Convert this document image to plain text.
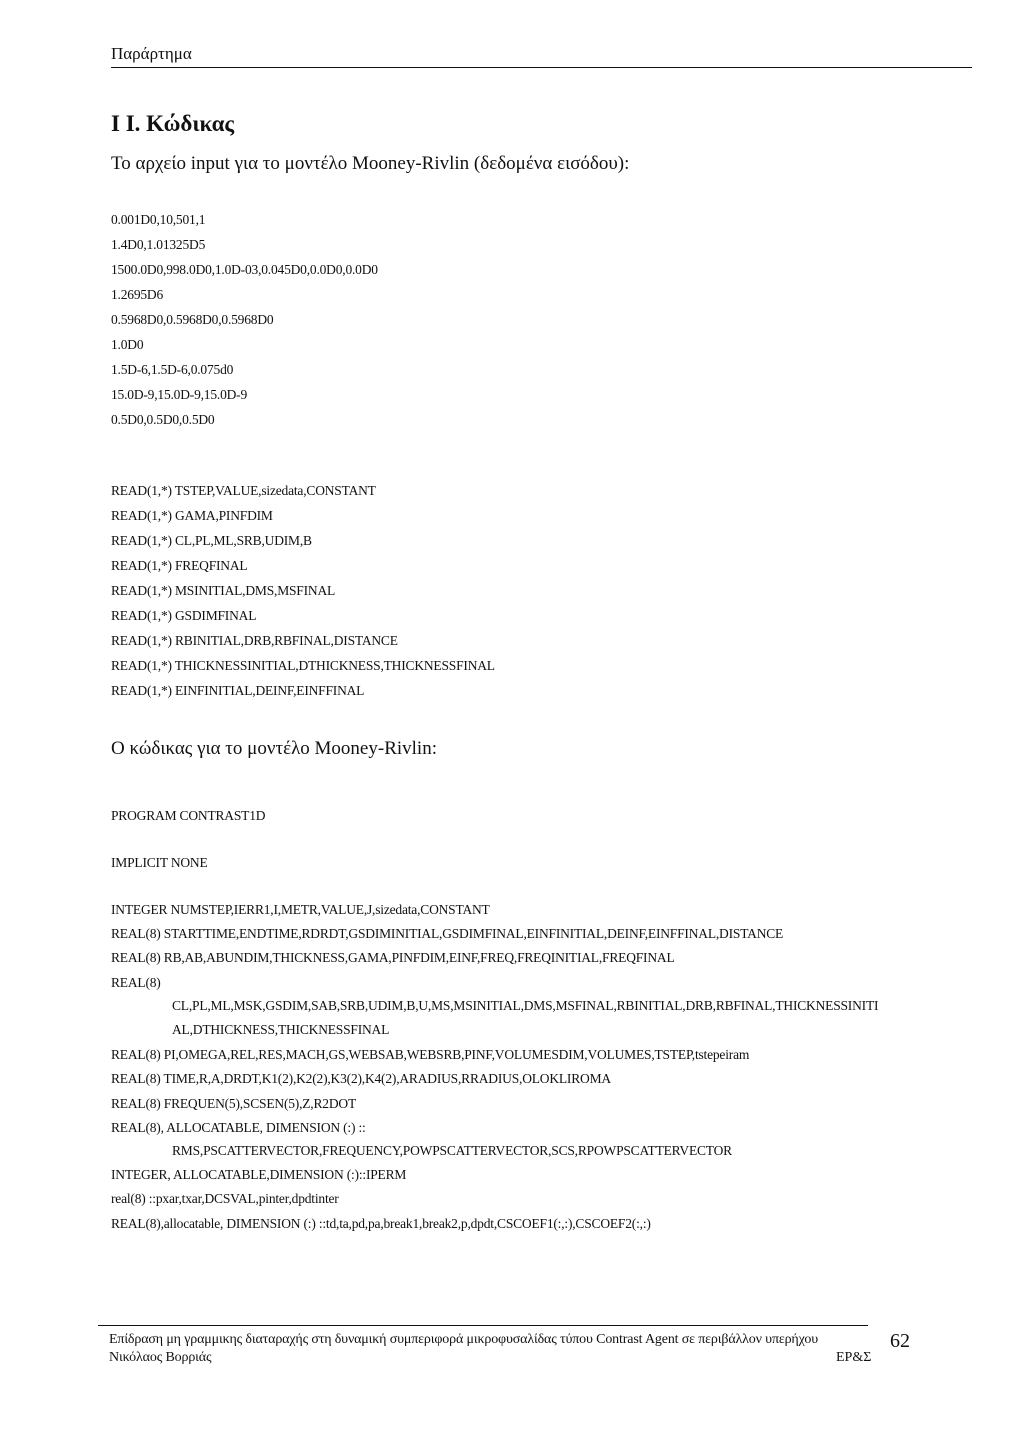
Παράρτημα
I I. Κώδικας
Το αρχείο input για το μοντέλο Mooney-Rivlin (δεδομένα εισόδου):
0.001D0,10,501,1
1.4D0,1.01325D5
1500.0D0,998.0D0,1.0D-03,0.045D0,0.0D0,0.0D0
1.2695D6
0.5968D0,0.5968D0,0.5968D0
1.0D0
1.5D-6,1.5D-6,0.075d0
15.0D-9,15.0D-9,15.0D-9
0.5D0,0.5D0,0.5D0
READ(1,*) TSTEP,VALUE,sizedata,CONSTANT
READ(1,*) GAMA,PINFDIM
READ(1,*) CL,PL,ML,SRB,UDIM,B
READ(1,*) FREQFINAL
READ(1,*) MSINITIAL,DMS,MSFINAL
READ(1,*) GSDIMFINAL
READ(1,*) RBINITIAL,DRB,RBFINAL,DISTANCE
READ(1,*) THICKNESSINITIAL,DTHICKNESS,THICKNESSFINAL
READ(1,*) EINFINITIAL,DEINF,EINFFINAL
Ο κώδικας για το μοντέλο Mooney-Rivlin:
PROGRAM CONTRAST1D
IMPLICIT NONE
INTEGER NUMSTEP,IERR1,I,METR,VALUE,J,sizedata,CONSTANT
REAL(8) STARTTIME,ENDTIME,RDRDT,GSDIMINITIAL,GSDIMFINAL,EINFINITIAL,DEINF,EINFFINAL,DISTANCE
REAL(8) RB,AB,ABUNDIM,THICKNESS,GAMA,PINFDIM,EINF,FREQ,FREQINITIAL,FREQFINAL
REAL(8)
CL,PL,ML,MSK,GSDIM,SAB,SRB,UDIM,B,U,MS,MSINITIAL,DMS,MSFINAL,RBINITIAL,DRB,RBFINAL,THICKNESSINITI
AL,DTHICKNESS,THICKNESSFINAL
REAL(8) PI,OMEGA,REL,RES,MACH,GS,WEBSAB,WEBSRB,PINF,VOLUMESDIM,VOLUMES,TSTEP,tstepeiram
REAL(8) TIME,R,A,DRDT,K1(2),K2(2),K3(2),K4(2),ARADIUS,RRADIUS,OLOKLIROMA
REAL(8) FREQUEN(5),SCSEN(5),Z,R2DOT
REAL(8), ALLOCATABLE, DIMENSION (:) ::
RMS,PSCATTERVECTOR,FREQUENCY,POWPSCATTERVECTOR,SCS,RPOWPSCATTERVECTOR
INTEGER, ALLOCATABLE,DIMENSION (:)::IPERM
real(8) ::pxar,txar,DCSVAL,pinter,dpdtinter
REAL(8),allocatable, DIMENSION (:) ::td,ta,pd,pa,break1,break2,p,dpdt,CSCOEF1(:,:),CSCOEF2(:,:)
Επίδραση μη γραμμικης διαταραχής στη δυναμική συμπεριφορά μικροφυσαλίδας τύπου Contrast Agent σε περιβάλλον υπερήχου
Νικόλαος Βορριάς	ΕΡ&Σ
62
